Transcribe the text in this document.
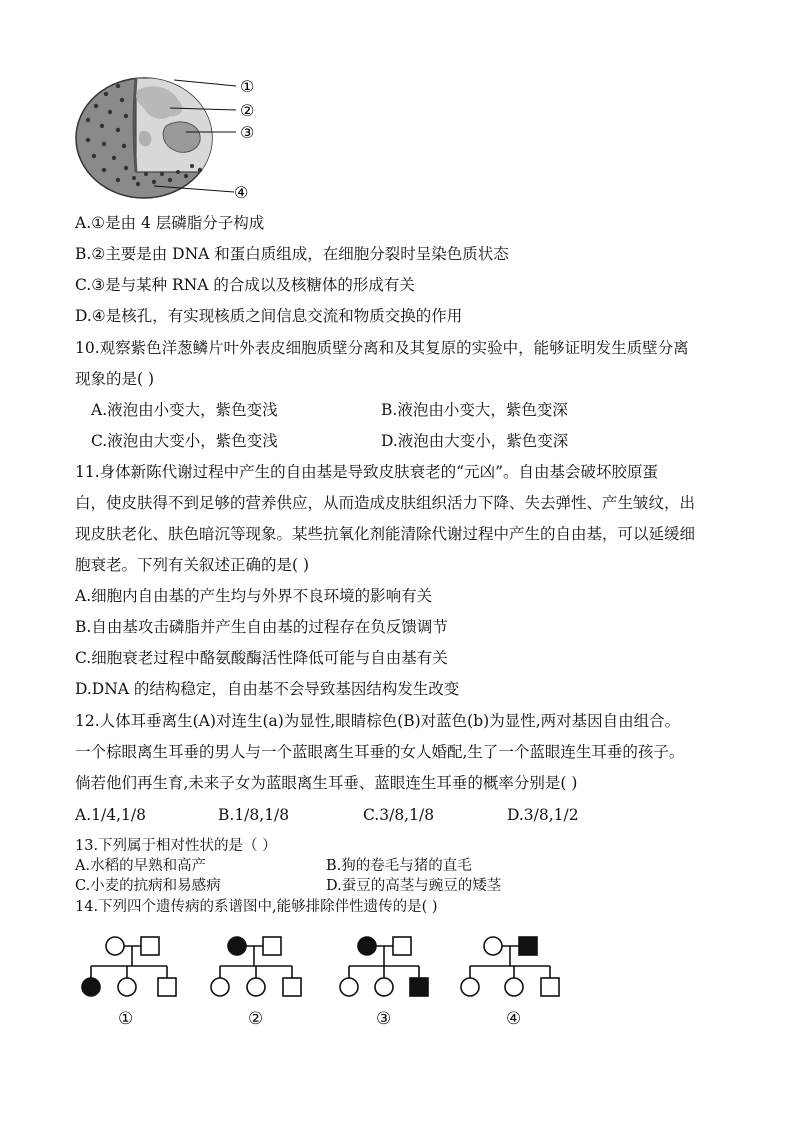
①
②
③
④
A.①是由 4 层磷脂分子构成
B.②主要是由 DNA 和蛋白质组成，在细胞分裂时呈染色质状态
C.③是与某种 RNA 的合成以及核糖体的形成有关
D.④是核孔，有实现核质之间信息交流和物质交换的作用
10.观察紫色洋葱鳞片叶外表皮细胞质壁分离和及其复原的实验中，能够证明发生质壁分离
现象的是( )
A.液泡由小变大，紫色变浅	B.液泡由小变大，紫色变深
C.液泡由大变小，紫色变浅	D.液泡由大变小，紫色变深
11.身体新陈代谢过程中产生的自由基是导致皮肤衰老的“元凶”。自由基会破坏胶原蛋
白，使皮肤得不到足够的营养供应，从而造成皮肤组织活力下降、失去弹性、产生皱纹，出
现皮肤老化、肤色暗沉等现象。某些抗氧化剂能清除代谢过程中产生的自由基，可以延缓细
胞衰老。下列有关叙述正确的是( )
A.细胞内自由基的产生均与外界不良环境的影响有关
B.自由基攻击磷脂并产生自由基的过程存在负反馈调节
C.细胞衰老过程中酪氨酸酶活性降低可能与自由基有关
D.DNA 的结构稳定，自由基不会导致基因结构发生改变
12.人体耳垂离生(A)对连生(a)为显性,眼睛棕色(B)对蓝色(b)为显性,两对基因自由组合。
一个棕眼离生耳垂的男人与一个蓝眼离生耳垂的女人婚配,生了一个蓝眼连生耳垂的孩子。
倘若他们再生育,未来子女为蓝眼离生耳垂、蓝眼连生耳垂的概率分别是( )
A.1/4,1/8	B.1/8,1/8	C.3/8,1/8	D.3/8,1/2
13.下列属于相对性状的是（ ）
A.水稻的早熟和高产	B.狗的卷毛与猪的直毛
C.小麦的抗病和易感病	D.蚕豆的高茎与豌豆的矮茎
14.下列四个遗传病的系谱图中,能够排除伴性遗传的是( )
①	②	③	④
